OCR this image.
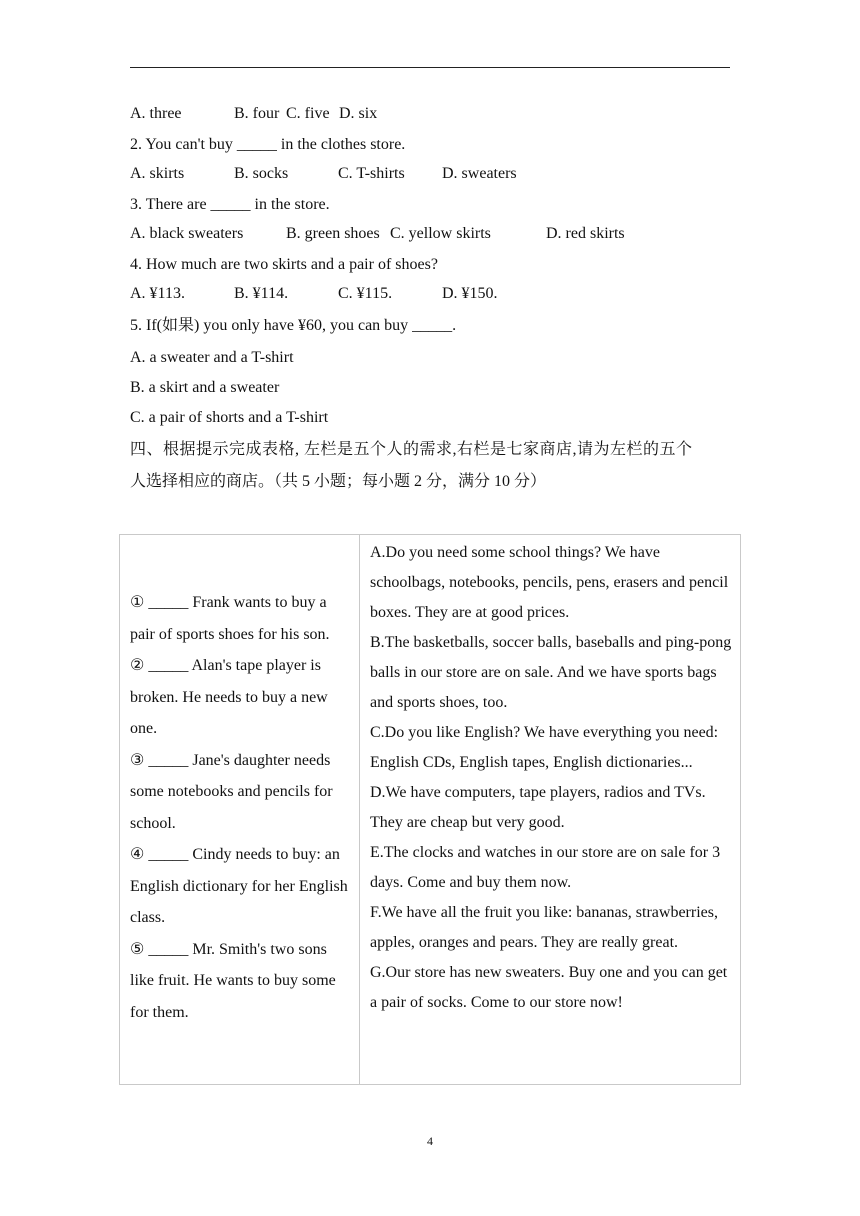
A. three	B. four C. five D. six
2. You can't buy _____ in the clothes store.
A. skirts	B. socks	C. T-shirts D. sweaters
3. There are _____ in the store.
A. black sweaters	B. green shoes C. yellow skirts	D. red skirts
4. How much are two skirts and a pair of shoes?
A. ¥113.	B. ¥114.	C. ¥115.	D. ¥150.
5. If(如果) you only have ¥60, you can buy _____.
A. a sweater and a T-shirt
B. a skirt and a sweater
C. a pair of shorts and a T-shirt
四、根据提示完成表格, 左栏是五个人的需求,右栏是七家商店,请为左栏的五个
人选择相应的商店。（共 5 小题；每小题 2 分，满分 10 分）
① _____ Frank wants to buy a pair of sports shoes for his son.
② _____ Alan's tape player is broken. He needs to buy a new one.
③ _____ Jane's daughter needs some notebooks and pencils for school.
④ _____ Cindy needs to buy: an English dictionary for her English class.
⑤ _____ Mr. Smith's two sons like fruit. He wants to buy some for them.

A.Do you need some school things? We have schoolbags, notebooks, pencils, pens, erasers and pencil boxes. They are at good prices.
B.The basketballs, soccer balls, baseballs and ping-pong balls in our store are on sale. And we have sports bags and sports shoes, too.
C.Do you like English? We have everything you need: English CDs, English tapes, English dictionaries...
D.We have computers, tape players, radios and TVs. They are cheap but very good.
E.The clocks and watches in our store are on sale for 3 days. Come and buy them now.
F.We have all the fruit you like: bananas, strawberries, apples, oranges and pears. They are really great.
G.Our store has new sweaters. Buy one and you can get a pair of socks. Come to our store now!
4
